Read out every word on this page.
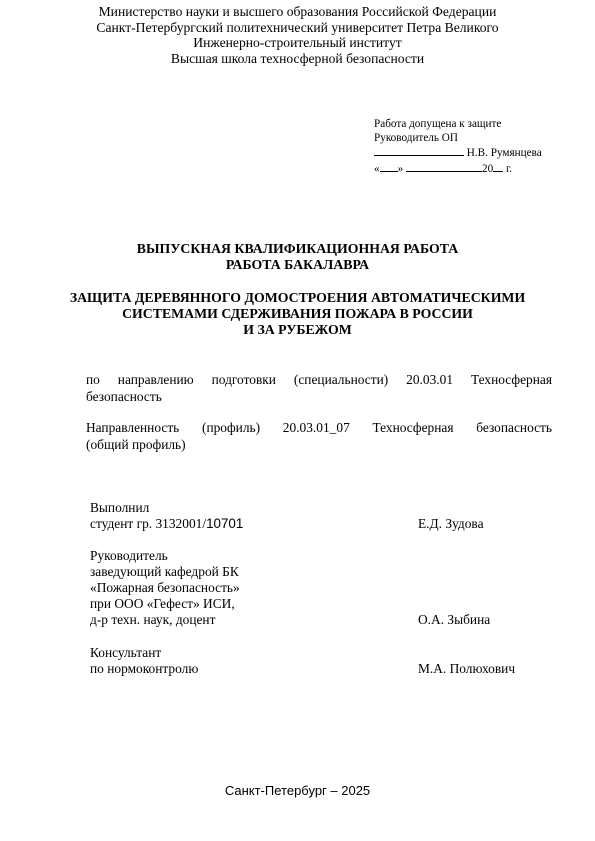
Министерство науки и высшего образования Российской Федерации
Санкт-Петербургский политехнический университет Петра Великого
Инженерно-строительный институт
Высшая школа техносферной безопасности
Работа допущена к защите
Руководитель ОП
Н.В. Румянцева
« »	20 г.
ВЫПУСКНАЯ КВАЛИФИКАЦИОННАЯ РАБОТА
РАБОТА БАКАЛАВРА
ЗАЩИТА ДЕРЕВЯННОГО ДОМОСТРОЕНИЯ АВТОМАТИЧЕСКИМИ
СИСТЕМАМИ СДЕРЖИВАНИЯ ПОЖАРА В РОССИИ
И ЗА РУБЕЖОМ
по направлению подготовки (специальности) 20.03.01 Техносферная
безопасность
Направленность (профиль) 20.03.01_07 Техносферная безопасность
(общий профиль)
Выполнил
студент гр. 3132001/10701	Е.Д. Зудова
Руководитель
заведующий кафедрой БК
«Пожарная безопасность»
при ООО «Гефест» ИСИ,
д-р техн. наук, доцент	О.А. Зыбина
Консультант
по нормоконтролю	М.А. Полюхович
Санкт-Петербург – 2025
